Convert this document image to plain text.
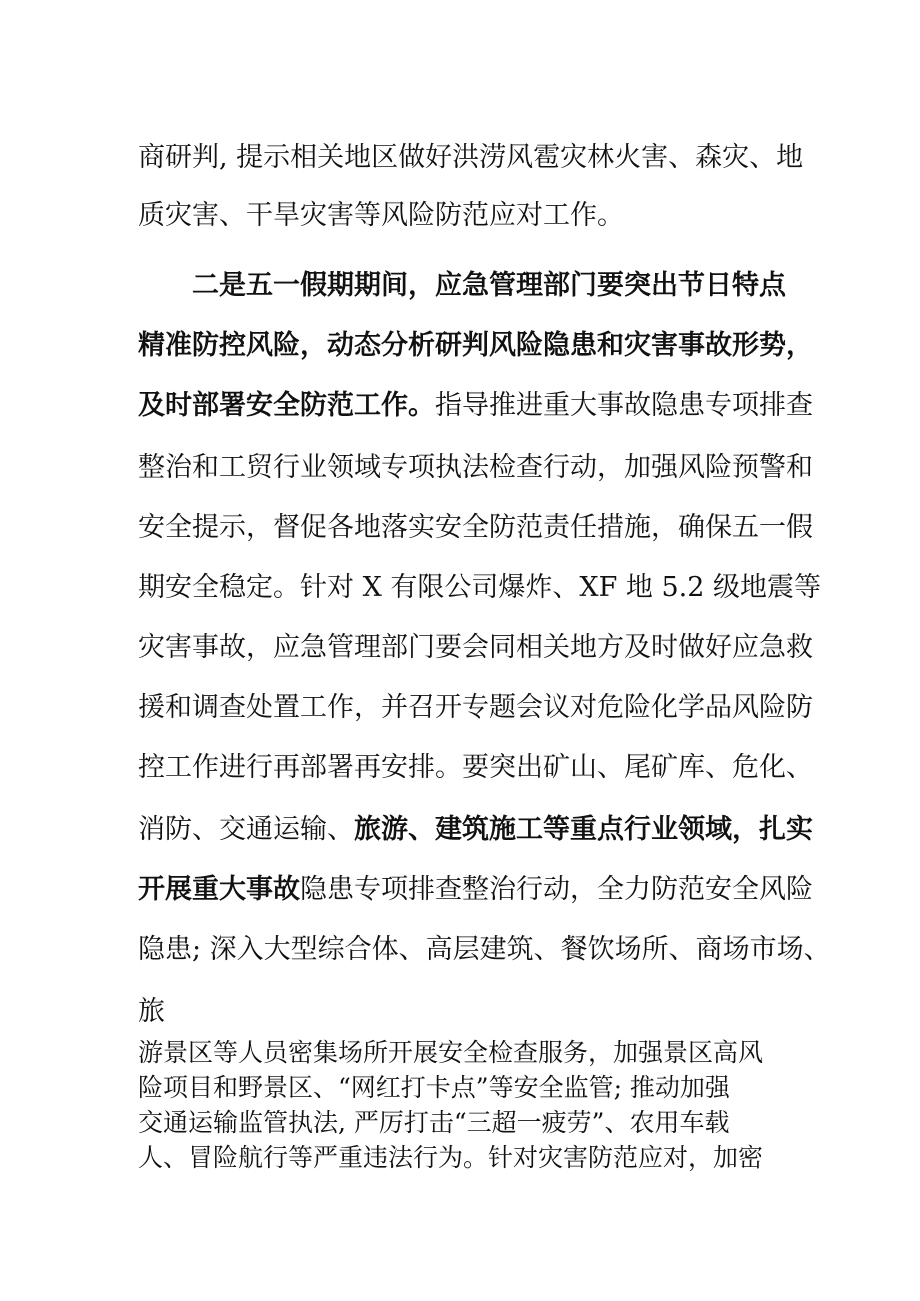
商研判, 提示相关地区做好洪涝风雹灾林火害、森灾、地
质灾害、干旱灾害等风险防范应对工作。
二是五一假期期间，应急管理部门要突出节日特点
精准防控风险，动态分析研判风险隐患和灾害事故形势，
及时部署安全防范工作。指导推进重大事故隐患专项排查
整治和工贸行业领域专项执法检查行动，加强风险预警和
安全提示，督促各地落实安全防范责任措施，确保五一假
期安全稳定。针对 X 有限公司爆炸、XF 地 5.2 级地震等
灾害事故，应急管理部门要会同相关地方及时做好应急救
援和调查处置工作，并召开专题会议对危险化学品风险防
控工作进行再部署再安排。要突出矿山、尾矿库、危化、
消防、交通运输、旅游、建筑施工等重点行业领域，扎实
开展重大事故隐患专项排查整治行动，全力防范安全风险
隐患; 深入大型综合体、高层建筑、餐饮场所、商场市场、
旅
游景区等人员密集场所开展安全检查服务，加强景区高风
险项目和野景区、“网红打卡点”等安全监管; 推动加强
交通运输监管执法, 严厉打击“三超一疲劳”、农用车载
人、冒险航行等严重违法行为。针对灾害防范应对，加密
